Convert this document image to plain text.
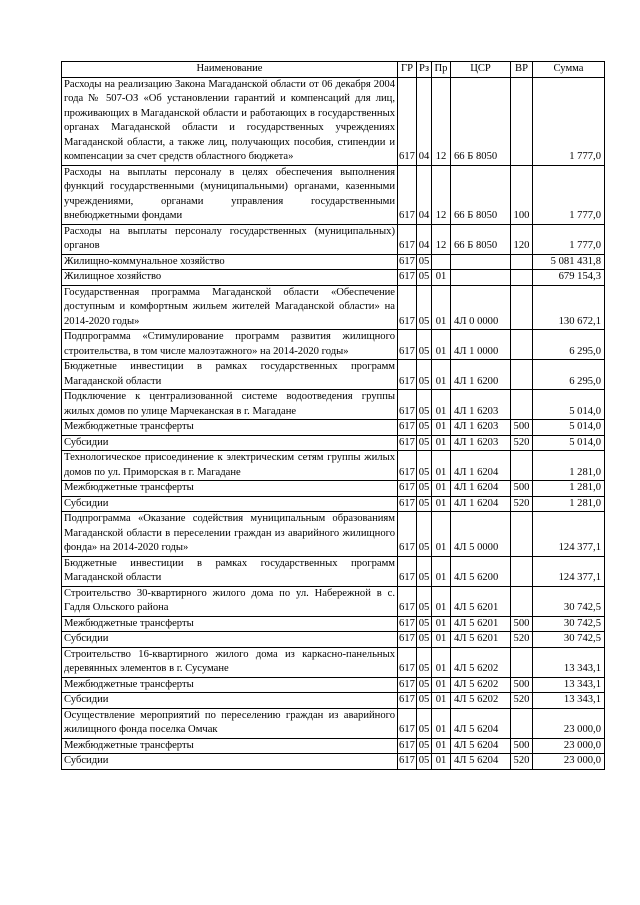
Наименование	ГР	Рз	Пр	ЦСР	ВР	Сумма
Расходы на реализацию Закона Магаданской области от 06 декабря 2004 года № 507-ОЗ «Об установлении гарантий и компенсаций для лиц, проживающих в Магаданской области и работающих в государственных органах Магаданской области и государственных учреждениях Магаданской области, а также лиц, получающих пособия, стипендии и компенсации за счет средств областного бюджета»	617	04	12	66 Б 8050		1 777,0
Расходы на выплаты персоналу в целях обеспечения выполнения функций государственными (муниципальными) органами, казенными учреждениями, органами управления государственными внебюджетными фондами	617	04	12	66 Б 8050	100	1 777,0
Расходы на выплаты персоналу государственных (муниципальных) органов	617	04	12	66 Б 8050	120	1 777,0
Жилищно-коммунальное хозяйство	617	05				5 081 431,8
Жилищное хозяйство	617	05	01			679 154,3
Государственная программа Магаданской области «Обеспечение доступным и комфортным жильем жителей Магаданской области» на 2014-2020 годы»	617	05	01	4Л 0 0000		130 672,1
Подпрограмма «Стимулирование программ развития жилищного строительства, в том числе малоэтажного» на 2014-2020 годы»	617	05	01	4Л 1 0000		6 295,0
Бюджетные инвестиции в рамках государственных программ Магаданской области	617	05	01	4Л 1 6200		6 295,0
Подключение к централизованной системе водоотведения группы жилых домов по улице Марчеканская в г. Магадане	617	05	01	4Л 1 6203		5 014,0
Межбюджетные трансферты	617	05	01	4Л 1 6203	500	5 014,0
Субсидии	617	05	01	4Л 1 6203	520	5 014,0
Технологическое присоединение к электрическим сетям группы жилых домов по ул. Приморская в г. Магадане	617	05	01	4Л 1 6204		1 281,0
Межбюджетные трансферты	617	05	01	4Л 1 6204	500	1 281,0
Субсидии	617	05	01	4Л 1 6204	520	1 281,0
Подпрограмма «Оказание содействия муниципальным образованиям Магаданской области в переселении граждан из аварийного жилищного фонда» на 2014-2020 годы»	617	05	01	4Л 5 0000		124 377,1
Бюджетные инвестиции в рамках государственных программ Магаданской области	617	05	01	4Л 5 6200		124 377,1
Строительство 30-квартирного жилого дома по ул. Набережной в с. Гадля Ольского района	617	05	01	4Л 5 6201		30 742,5
Межбюджетные трансферты	617	05	01	4Л 5 6201	500	30 742,5
Субсидии	617	05	01	4Л 5 6201	520	30 742,5
Строительство 16-квартирного жилого дома из каркасно-панельных деревянных элементов в г. Сусумане	617	05	01	4Л 5 6202		13 343,1
Межбюджетные трансферты	617	05	01	4Л 5 6202	500	13 343,1
Субсидии	617	05	01	4Л 5 6202	520	13 343,1
Осуществление мероприятий по переселению граждан из аварийного жилищного фонда поселка Омчак	617	05	01	4Л 5 6204		23 000,0
Межбюджетные трансферты	617	05	01	4Л 5 6204	500	23 000,0
Субсидии	617	05	01	4Л 5 6204	520	23 000,0
